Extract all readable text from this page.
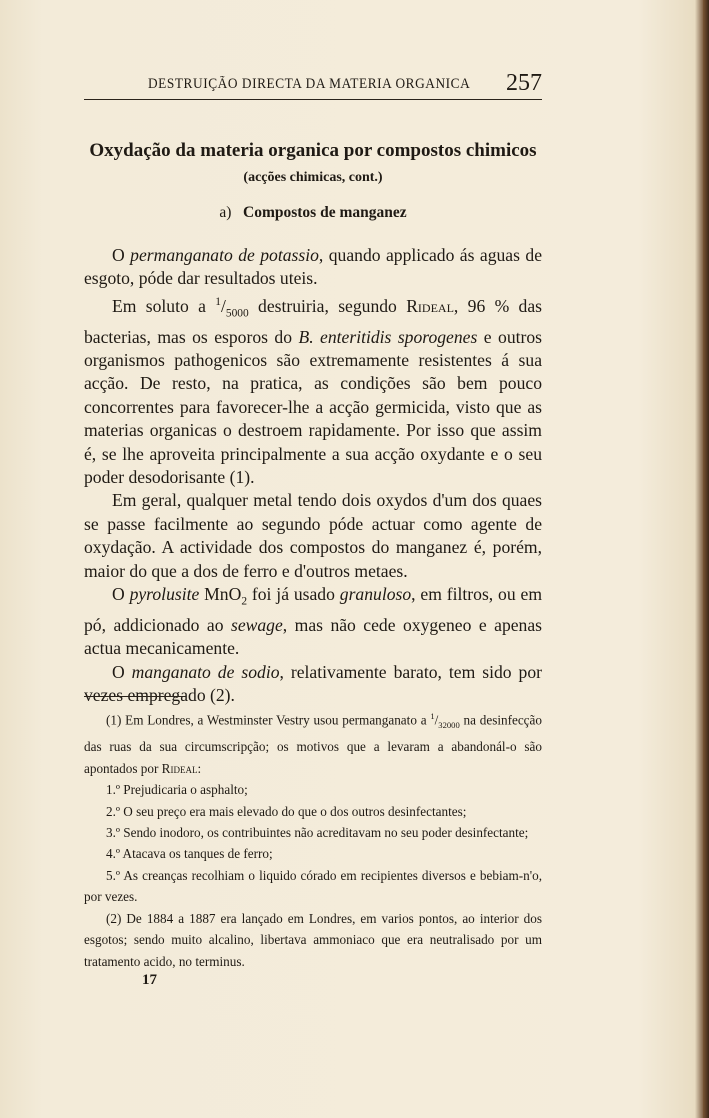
DESTRUIÇÃO DIRECTA DA MATERIA ORGANICA 257
Oxydação da materia organica por compostos chimicos
(acções chimicas, cont.)
a) Compostos de manganez

O permanganato de potassio, quando applicado ás aguas de esgoto, póde dar resultados uteis.

Em soluto a $^1/_{5000}$ destruiria, segundo Rideal, 96 % das bacterias, mas os esporos do B. enteritidis sporogenes e outros organismos pathogenicos são extremamente resistentes á sua acção. De resto, na pratica, as condições são bem pouco concorrentes para favorecer-lhe a acção germicida, visto que as materias organicas o destroem rapidamente. Por isso que assim é, se lhe aproveita principalmente a sua acção oxydante e o seu poder desodorisante (1).

Em geral, qualquer metal tendo dois oxydos d'um dos quaes se passe facilmente ao segundo póde actuar como agente de oxydação. A actividade dos compostos do manganez é, porém, maior do que a dos de ferro e d'outros metaes.

O pyrolusite MnO$_2$ foi já usado granuloso, em filtros, ou em pó, addicionado ao sewage, mas não cede oxygeneo e apenas actua mecanicamente.

O manganato de sodio, relativamente barato, tem sido por vezes empregado (2).

(1) Em Londres, a Westminster Vestry usou permanganato a $^1/_{32000}$ na desinfecção das ruas da sua circumscripção; os motivos que a levaram a abandonál-o são apontados por Rideal:

1.º Prejudicaria o asphalto;

2.º O seu preço era mais elevado do que o dos outros desinfectantes;

3.º Sendo inodoro, os contribuintes não acreditavam no seu poder desinfectante;

4.º Atacava os tanques de ferro;

5.º As creanças recolhiam o liquido córado em recipientes diversos e bebiam-n'o, por vezes.

(2) De 1884 a 1887 era lançado em Londres, em varios pontos, ao interior dos esgotos; sendo muito alcalino, libertava ammoniaco que era neutralisado por um tratamento acido, no terminus.

17
